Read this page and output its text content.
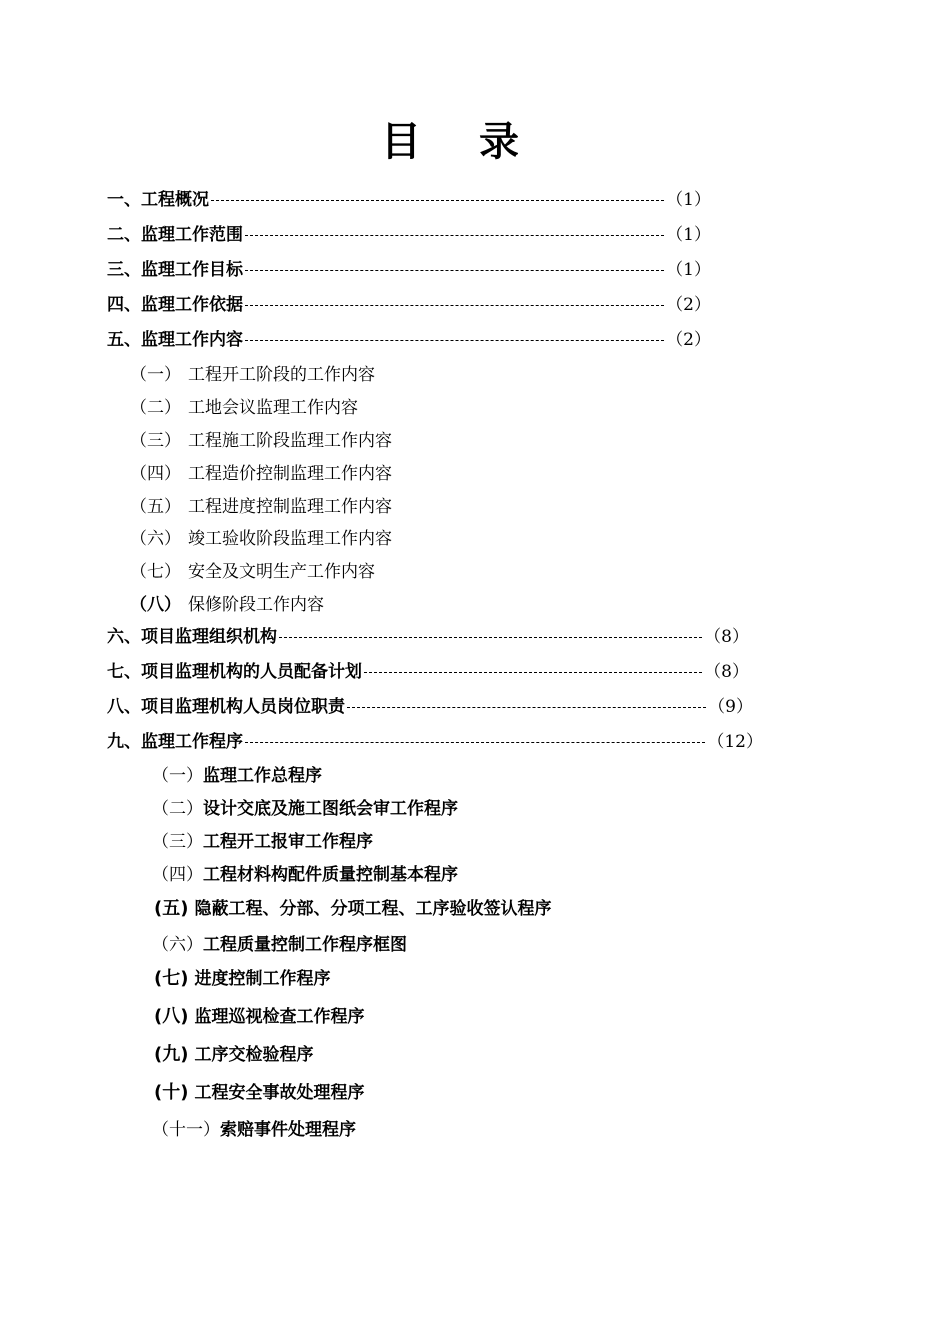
目 录
一、工程概况	（1）
二、监理工作范围	（1）
三、监理工作目标	（1）
四、监理工作依据	（2）
五、监理工作内容	（2）
（一） 工程开工阶段的工作内容
（二） 工地会议监理工作内容
（三） 工程施工阶段监理工作内容
（四） 工程造价控制监理工作内容
（五） 工程进度控制监理工作内容
（六） 竣工验收阶段监理工作内容
（七） 安全及文明生产工作内容
（八） 保修阶段工作内容
六、项目监理组织机构	（8）
七、项目监理机构的人员配备计划	（8）
八、项目监理机构人员岗位职责	（9）
九、监理工作程序	（12）
（一） 监理工作总程序
（二） 设计交底及施工图纸会审工作程序
（三） 工程开工报审工作程序
（四） 工程材料构配件质量控制基本程序
(五) 隐蔽工程、分部、分项工程、工序验收签认程序
（六） 工程质量控制工作程序框图
(七) 进度控制工作程序
(八) 监理巡视检查工作程序
(九) 工序交检验程序
(十) 工程安全事故处理程序
（十一） 索赔事件处理程序
